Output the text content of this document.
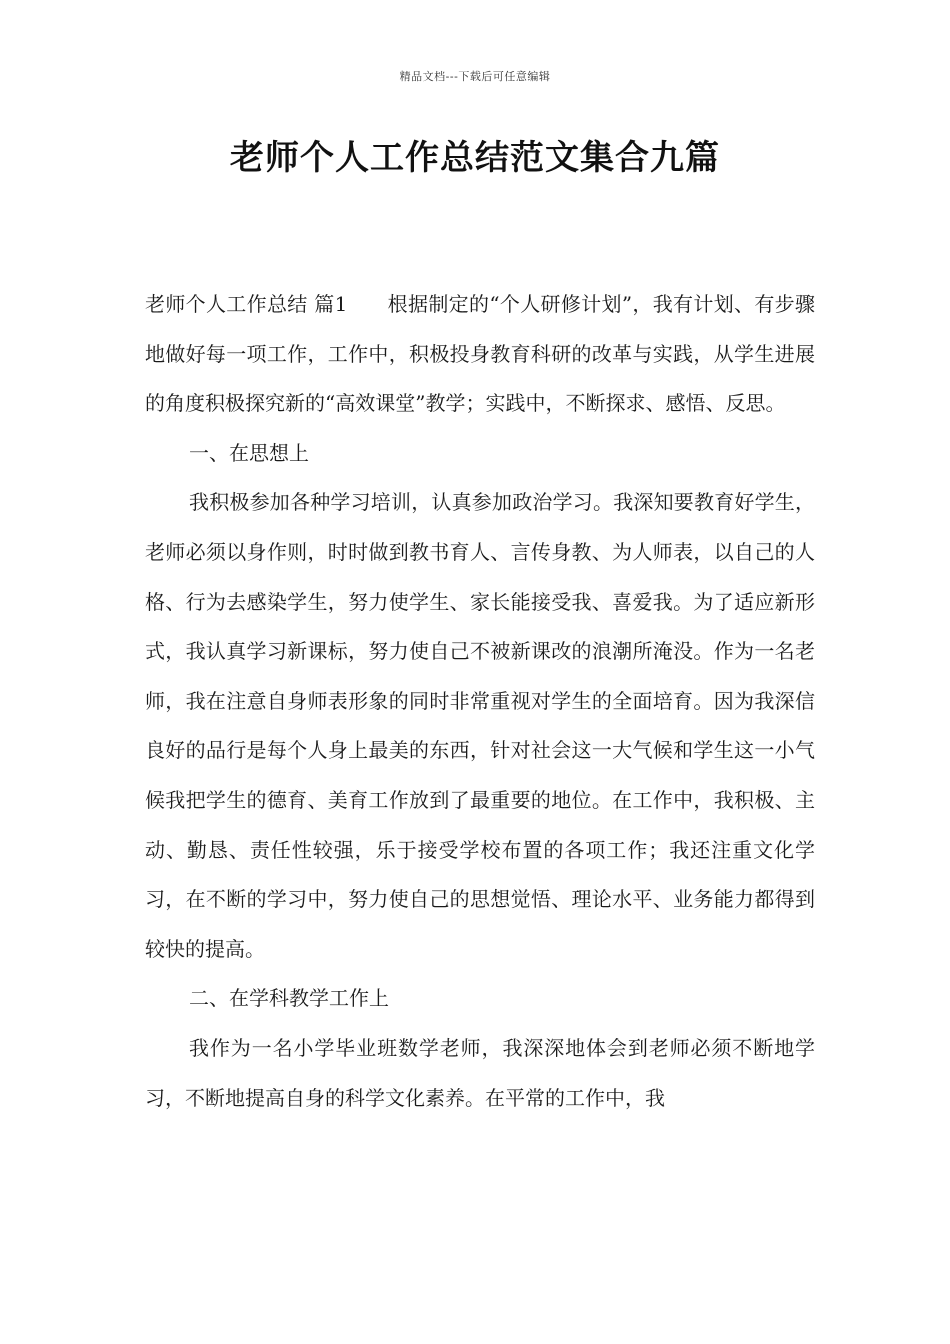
精品文档---下载后可任意编辑
老师个人工作总结范文集合九篇

老师个人工作总结 篇1 根据制定的“个人研修计划”，我有计划、有步骤地做好每一项工作，工作中，积极投身教育科研的改革与实践，从学生进展的角度积极探究新的“高效课堂”教学；实践中，不断探求、感悟、反思。

一、在思想上

我积极参加各种学习培训，认真参加政治学习。我深知要教育好学生，老师必须以身作则，时时做到教书育人、言传身教、为人师表，以自己的人格、行为去感染学生，努力使学生、家长能接受我、喜爱我。为了适应新形式，我认真学习新课标，努力使自己不被新课改的浪潮所淹没。作为一名老师，我在注意自身师表形象的同时非常重视对学生的全面培育。因为我深信良好的品行是每个人身上最美的东西，针对社会这一大气候和学生这一小气候我把学生的德育、美育工作放到了最重要的地位。在工作中，我积极、主动、勤恳、责任性较强，乐于接受学校布置的各项工作；我还注重文化学习，在不断的学习中，努力使自己的思想觉悟、理论水平、业务能力都得到较快的提高。

二、在学科教学工作上

我作为一名小学毕业班数学老师，我深深地体会到老师必须不断地学习，不断地提高自身的科学文化素养。在平常的工作中，我
